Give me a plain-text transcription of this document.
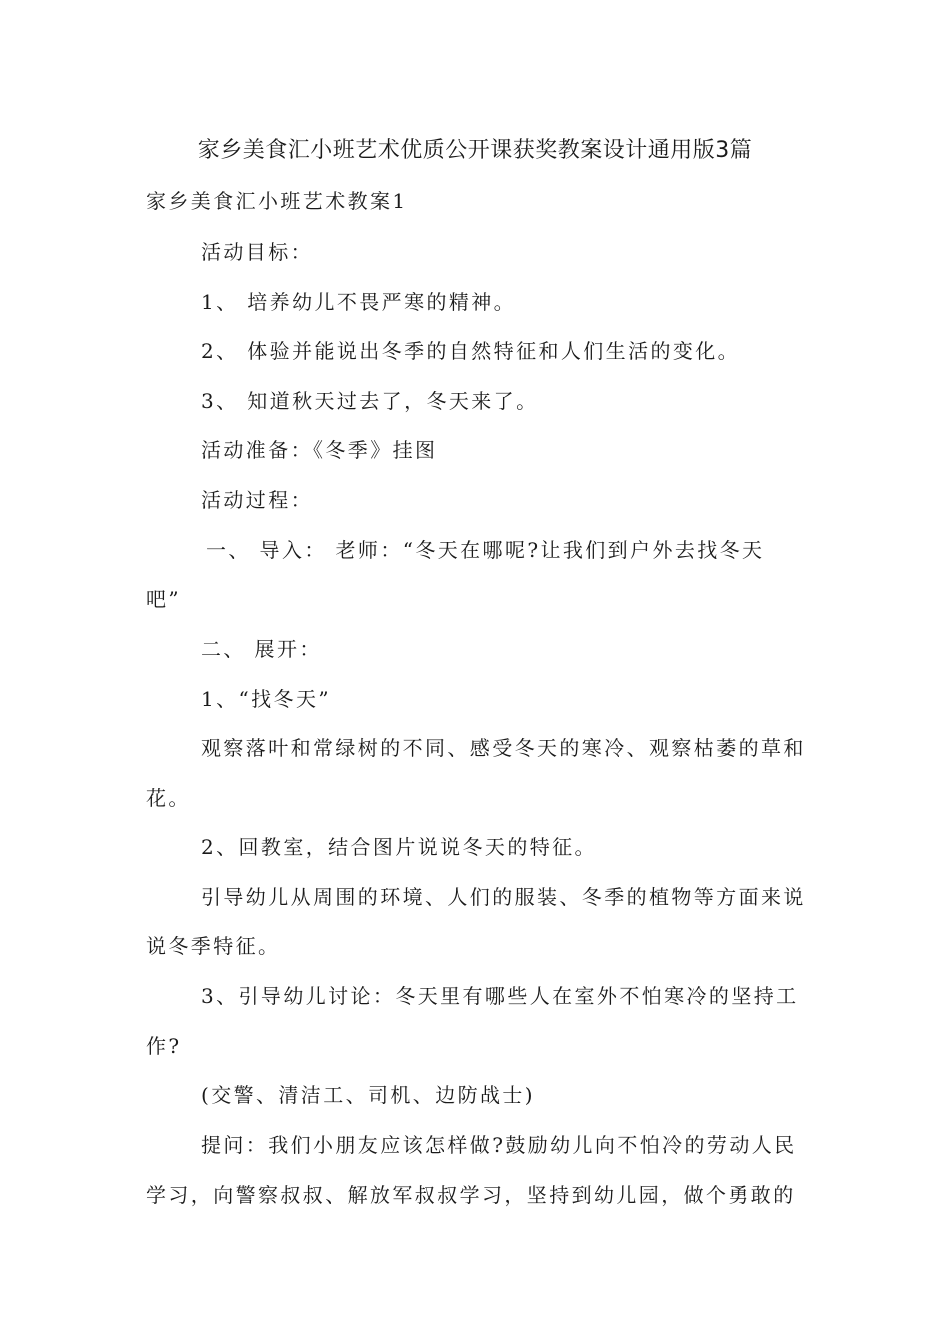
家乡美食汇小班艺术优质公开课获奖教案设计通用版3篇
家乡美食汇小班艺术教案1
活动目标：
1、 培养幼儿不畏严寒的精神。
2、 体验并能说出冬季的自然特征和人们生活的变化。
3、 知道秋天过去了，冬天来了。
活动准备：《冬季》挂图
活动过程：
一、 导入： 老师：“冬天在哪呢?让我们到户外去找冬天
吧”
二、 展开：
1、“找冬天”
观察落叶和常绿树的不同、感受冬天的寒冷、观察枯萎的草和
花。
2、回教室，结合图片说说冬天的特征。
引导幼儿从周围的环境、人们的服装、冬季的植物等方面来说
说冬季特征。
3、引导幼儿讨论：冬天里有哪些人在室外不怕寒冷的坚持工
作?
(交警、清洁工、司机、边防战士)
提问：我们小朋友应该怎样做?鼓励幼儿向不怕冷的劳动人民
学习，向警察叔叔、解放军叔叔学习，坚持到幼儿园，做个勇敢的
